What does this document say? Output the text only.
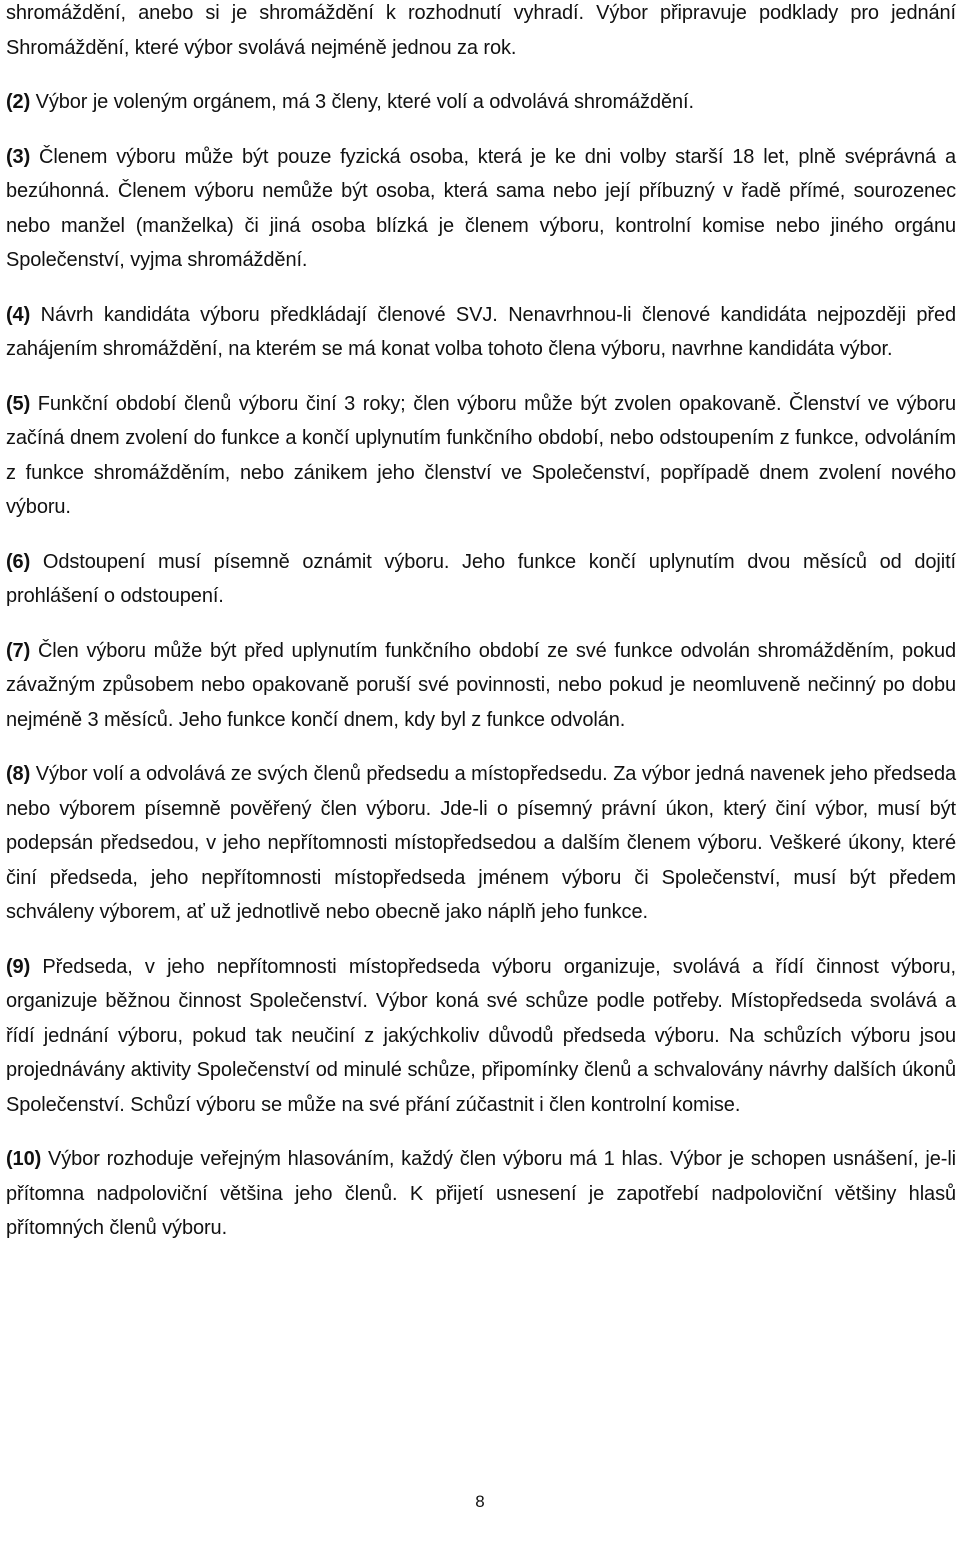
shromáždění, anebo si je shromáždění k rozhodnutí vyhradí. Výbor připravuje podklady pro jednání Shromáždění, které výbor svolává nejméně jednou za rok.

(2) Výbor je voleným orgánem, má 3 členy, které volí a odvolává shromáždění.

(3) Členem výboru může být pouze fyzická osoba, která je ke dni volby starší 18 let, plně svéprávná a bezúhonná. Členem výboru nemůže být osoba, která sama nebo její příbuzný v řadě přímé, sourozenec nebo manžel (manželka) či jiná osoba blízká je členem výboru, kontrolní komise nebo jiného orgánu Společenství, vyjma shromáždění.

(4) Návrh kandidáta výboru předkládají členové SVJ. Nenavrhnou-li členové kandidáta nejpozději před zahájením shromáždění, na kterém se má konat volba tohoto člena výboru, navrhne kandidáta výbor.

(5) Funkční období členů výboru činí 3 roky; člen výboru může být zvolen opakovaně. Členství ve výboru začíná dnem zvolení do funkce a končí uplynutím funkčního období, nebo odstoupením z funkce, odvoláním z funkce shromážděním, nebo zánikem jeho členství ve Společenství, popřípadě dnem zvolení nového výboru.

(6) Odstoupení musí písemně oznámit výboru. Jeho funkce končí uplynutím dvou měsíců od dojití prohlášení o odstoupení.

(7) Člen výboru může být před uplynutím funkčního období ze své funkce odvolán shromážděním, pokud závažným způsobem nebo opakovaně poruší své povinnosti, nebo pokud je neomluveně nečinný po dobu nejméně 3 měsíců. Jeho funkce končí dnem, kdy byl z funkce odvolán.

(8) Výbor volí a odvolává ze svých členů předsedu a místopředsedu. Za výbor jedná navenek jeho předseda nebo výborem písemně pověřený člen výboru. Jde-li o písemný právní úkon, který činí výbor, musí být podepsán předsedou, v jeho nepřítomnosti místopředsedou a dalším členem výboru. Veškeré úkony, které činí předseda, jeho nepřítomnosti místopředseda jménem výboru či Společenství, musí být předem schváleny výborem, ať už jednotlivě nebo obecně jako náplň jeho funkce.

(9) Předseda, v jeho nepřítomnosti místopředseda výboru organizuje, svolává a řídí činnost výboru, organizuje běžnou činnost Společenství. Výbor koná své schůze podle potřeby. Místopředseda svolává a řídí jednání výboru, pokud tak neučiní z jakýchkoliv důvodů předseda výboru. Na schůzích výboru jsou projednávány aktivity Společenství od minulé schůze, připomínky členů a schvalovány návrhy dalších úkonů Společenství. Schůzí výboru se může na své přání zúčastnit i člen kontrolní komise.

(10) Výbor rozhoduje veřejným hlasováním, každý člen výboru má 1 hlas. Výbor je schopen usnášení, je-li přítomna nadpoloviční většina jeho členů. K přijetí usnesení je zapotřebí nadpoloviční většiny hlasů přítomných členů výboru.

8
